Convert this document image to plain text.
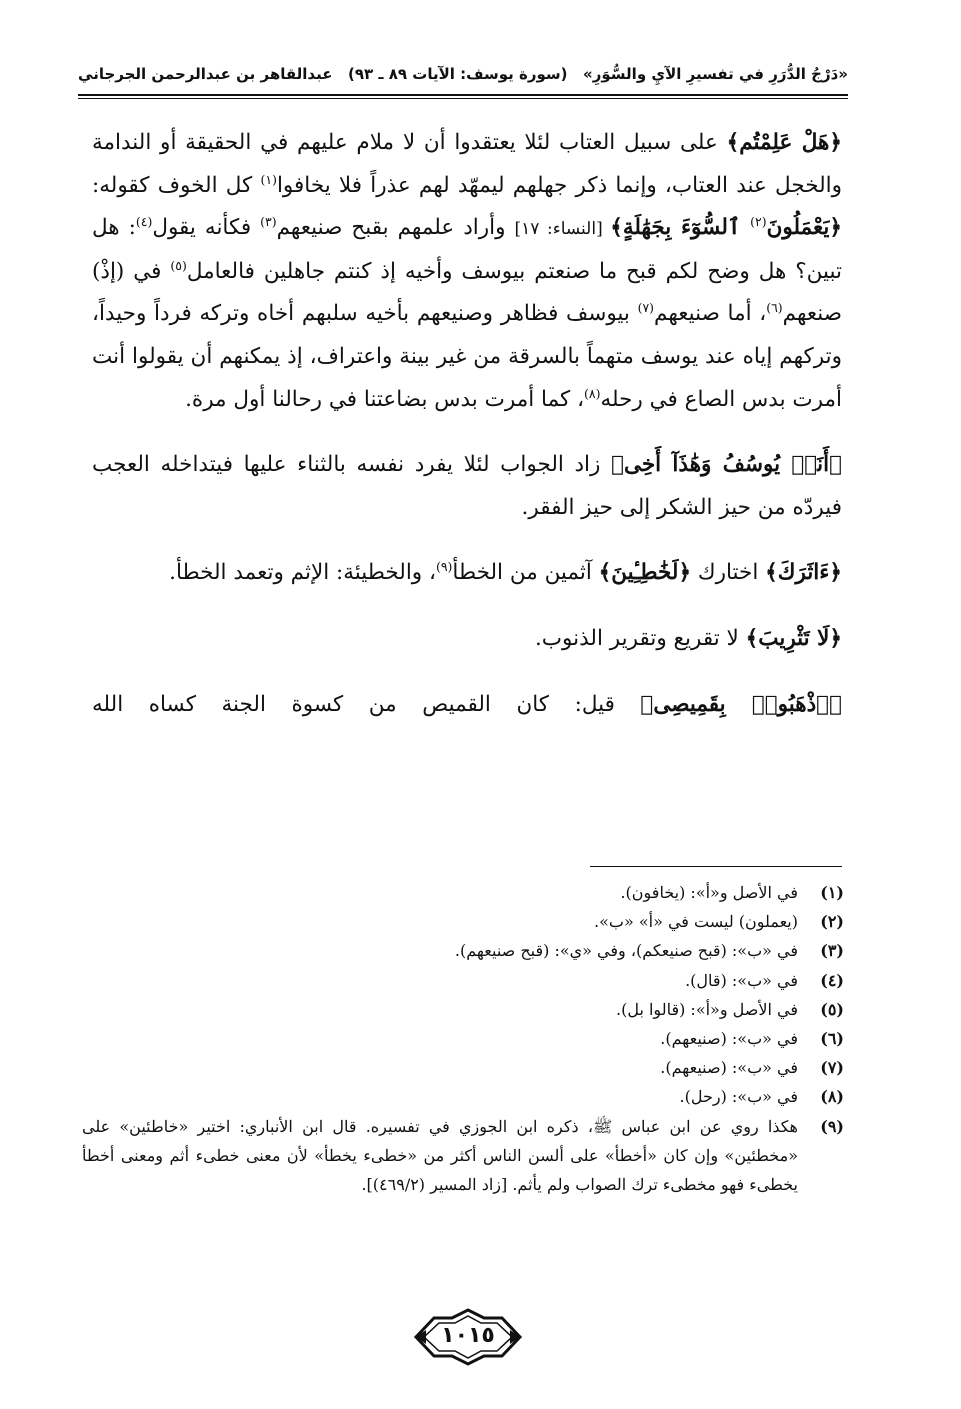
«دَرْجُ الدُّرَرِ في تفسيرِ الآيِ والسُّوَرِ»
(سورة يوسف: الآيات ٨٩ ـ ٩٣)
عبدالقاهر بن عبدالرحمن الجرجاني

﴿هَلْ عَلِمْتُم﴾ على سبيل العتاب لئلا يعتقدوا أن لا ملام عليهم في الحقيقة أو الندامة والخجل عند العتاب، وإنما ذكر جهلهم ليمهّد لهم عذراً فلا يخافوا$^{(١)}$ كل الخوف كقوله: ﴿يَعْمَلُونَ$^{(٢)}$ ٱلسُّوٓءَ بِجَهَٰلَةٍ﴾ [النساء: ١٧] وأراد علمهم بقبح صنيعهم$^{(٣)}$ فكأنه يقول$^{(٤)}$: هل تبين؟ هل وضح لكم قبح ما صنعتم بيوسف وأخيه إذ كنتم جاهلين فالعامل$^{(٥)}$ في (إذْ) صنعهم$^{(٦)}$، أما صنيعهم$^{(٧)}$ بيوسف فظاهر وصنيعهم بأخيه سلبهم أخاه وتركه فرداً وحيداً، وتركهم إياه عند يوسف متهماً بالسرقة من غير بينة واعتراف، إذ يمكنهم أن يقولوا أنت أمرت بدس الصاع في رحله$^{(٨)}$، كما أمرت بدس بضاعتنا في رحالنا أول مرة.

﴿أَنَا۠ يُوسُفُ وَهَٰذَآ أَخِى﴾ زاد الجواب لئلا يفرد نفسه بالثناء عليها فيتداخله العجب فيردّه من حيز الشكر إلى حيز الفقر.

﴿ءَاثَرَكَ﴾ اختارك ﴿لَخَٰطِـِٔينَ﴾ آثمين من الخطأ$^{(٩)}$، والخطيئة: الإثم وتعمد الخطأ.

﴿لَا تَثْرِيبَ﴾ لا تقريع وتقرير الذنوب.

﴿ٱذْهَبُوا۟ بِقَمِيصِى﴾ قيل: كان القميص من كسوة الجنة كساه الله

(١)
في الأصل و«أ»: (يخافون).
(٢)
(يعملون) ليست في «أ» «ب».
(٣)
في «ب»: (قبح صنيعكم)، وفي «ي»: (قبح صنيعهم).
(٤)
في «ب»: (قال).
(٥)
في الأصل و«أ»: (قالوا بل).
(٦)
في «ب»: (صنيعهم).
(٧)
في «ب»: (صنيعهم).
(٨)
في «ب»: (رحل).
(٩)
هكذا روي عن ابن عباس ﷺ، ذكره ابن الجوزي في تفسيره. قال ابن الأنباري: اختير «خاطئين» على «مخطئين» وإن كان «أخطأ» على ألسن الناس أكثر من «خطىء يخطأ» لأن معنى خطىء أثم ومعنى أخطأ يخطىء فهو مخطىء ترك الصواب ولم يأثم. [زاد المسير (٤٦٩/٢)].
١٠١٥
